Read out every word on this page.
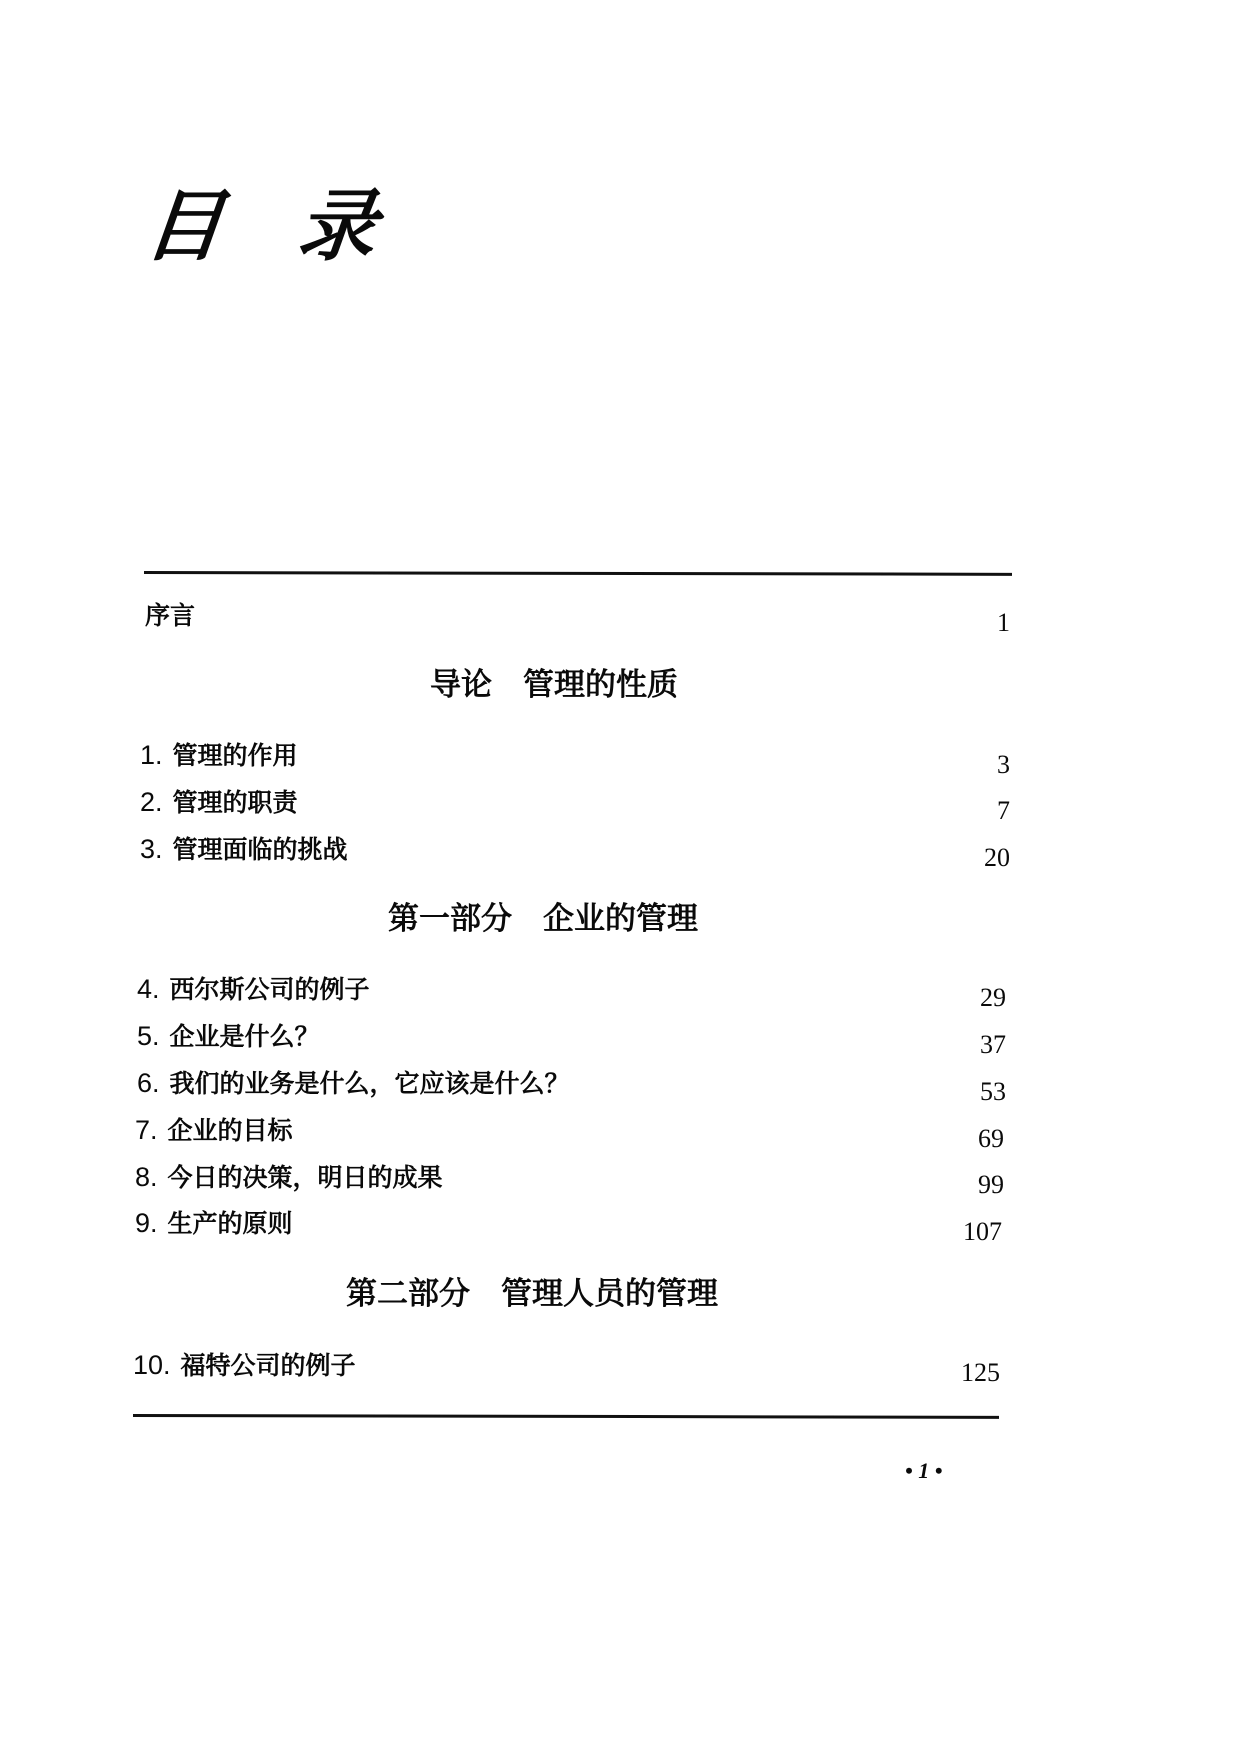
目录
序言	1
导论　管理的性质
1. 管理的作用	3
2. 管理的职责	7
3. 管理面临的挑战	20
第一部分　企业的管理
4. 西尔斯公司的例子	29
5. 企业是什么？	37
6. 我们的业务是什么，它应该是什么？	53
7. 企业的目标	69
8. 今日的决策，明日的成果	99
9. 生产的原则	107
第二部分　管理人员的管理
10. 福特公司的例子	125
• 1 •
